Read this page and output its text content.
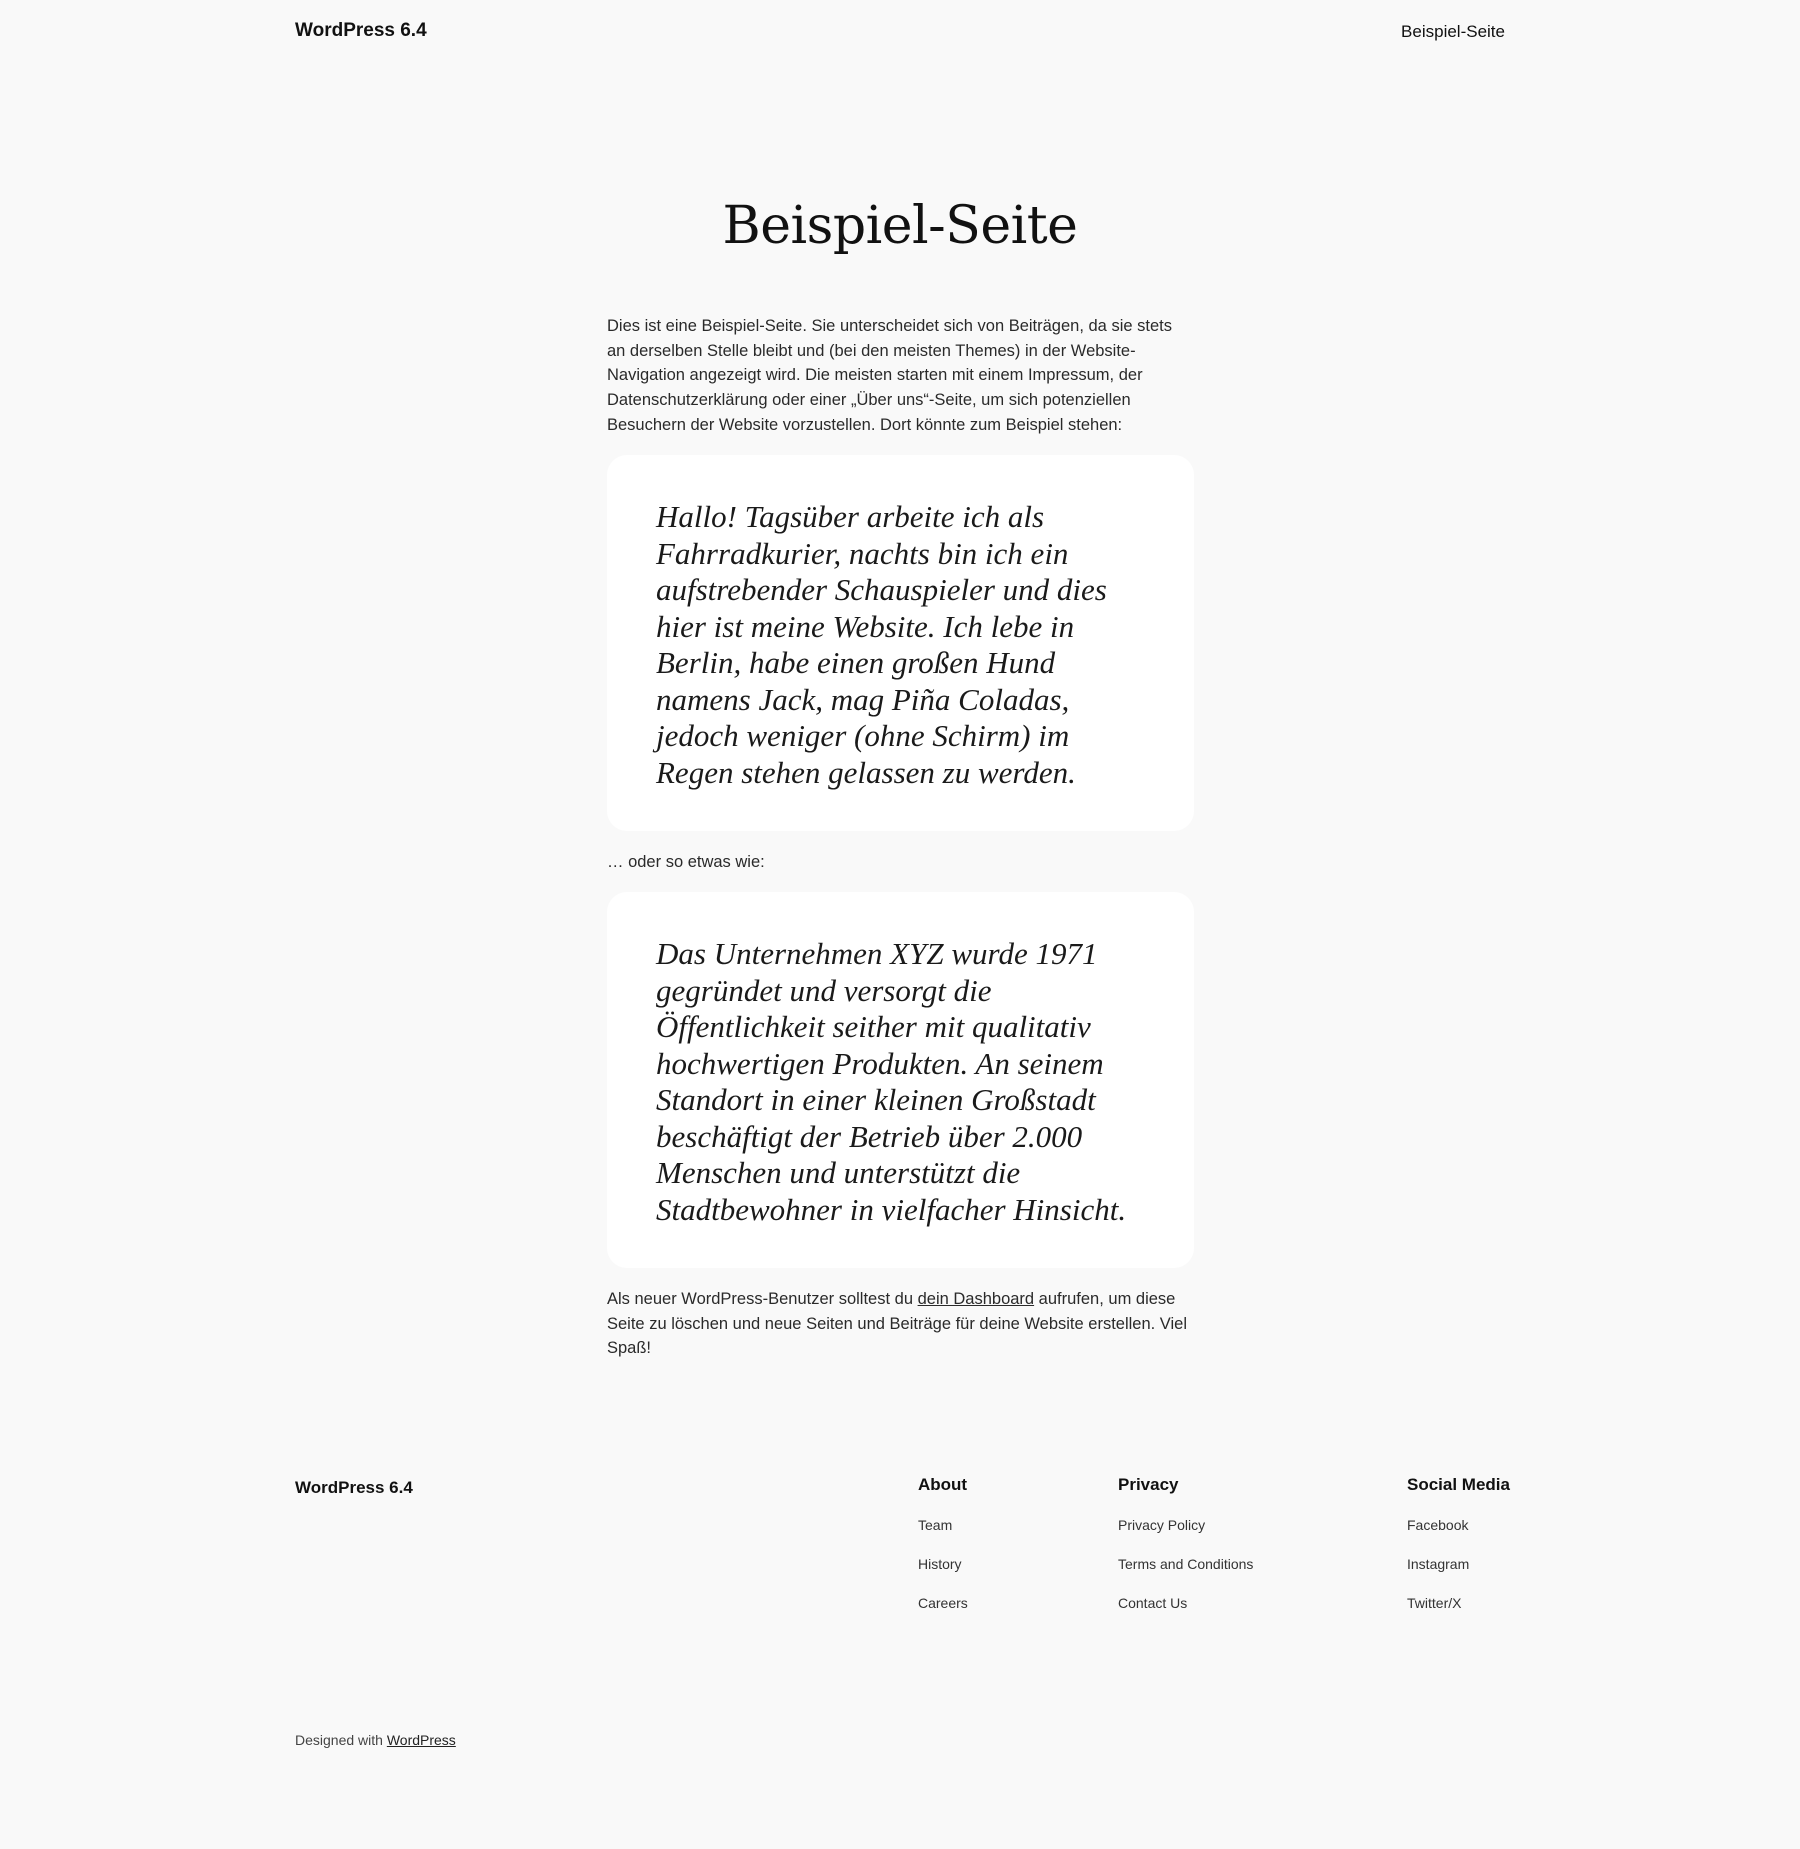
WordPress 6.4	Beispiel-Seite
Beispiel-Seite

Dies ist eine Beispiel-Seite. Sie unterscheidet sich von Beiträgen, da sie stets an derselben Stelle bleibt und (bei den meisten Themes) in der Website-Navigation angezeigt wird. Die meisten starten mit einem Impressum, der Datenschutzerklärung oder einer „Über uns“-Seite, um sich potenziellen Besuchern der Website vorzustellen. Dort könnte zum Beispiel stehen:

Hallo! Tagsüber arbeite ich als Fahrradkurier, nachts bin ich ein aufstrebender Schauspieler und dies hier ist meine Website. Ich lebe in Berlin, habe einen großen Hund namens Jack, mag Piña Coladas, jedoch weniger (ohne Schirm) im Regen stehen gelassen zu werden.

… oder so etwas wie:

Das Unternehmen XYZ wurde 1971 gegründet und versorgt die Öffentlichkeit seither mit qualitativ hochwertigen Produkten. An seinem Standort in einer kleinen Großstadt beschäftigt der Betrieb über 2.000 Menschen und unterstützt die Stadtbewohner in vielfacher Hinsicht.

Als neuer WordPress-Benutzer solltest du dein Dashboard aufrufen, um diese Seite zu löschen und neue Seiten und Beiträge für deine Website erstellen. Viel Spaß!

WordPress 6.4	About
Team
History
Careers
Privacy
Privacy Policy
Terms and Conditions
Contact Us
Social Media
Facebook
Instagram
Twitter/X
Designed with WordPress
